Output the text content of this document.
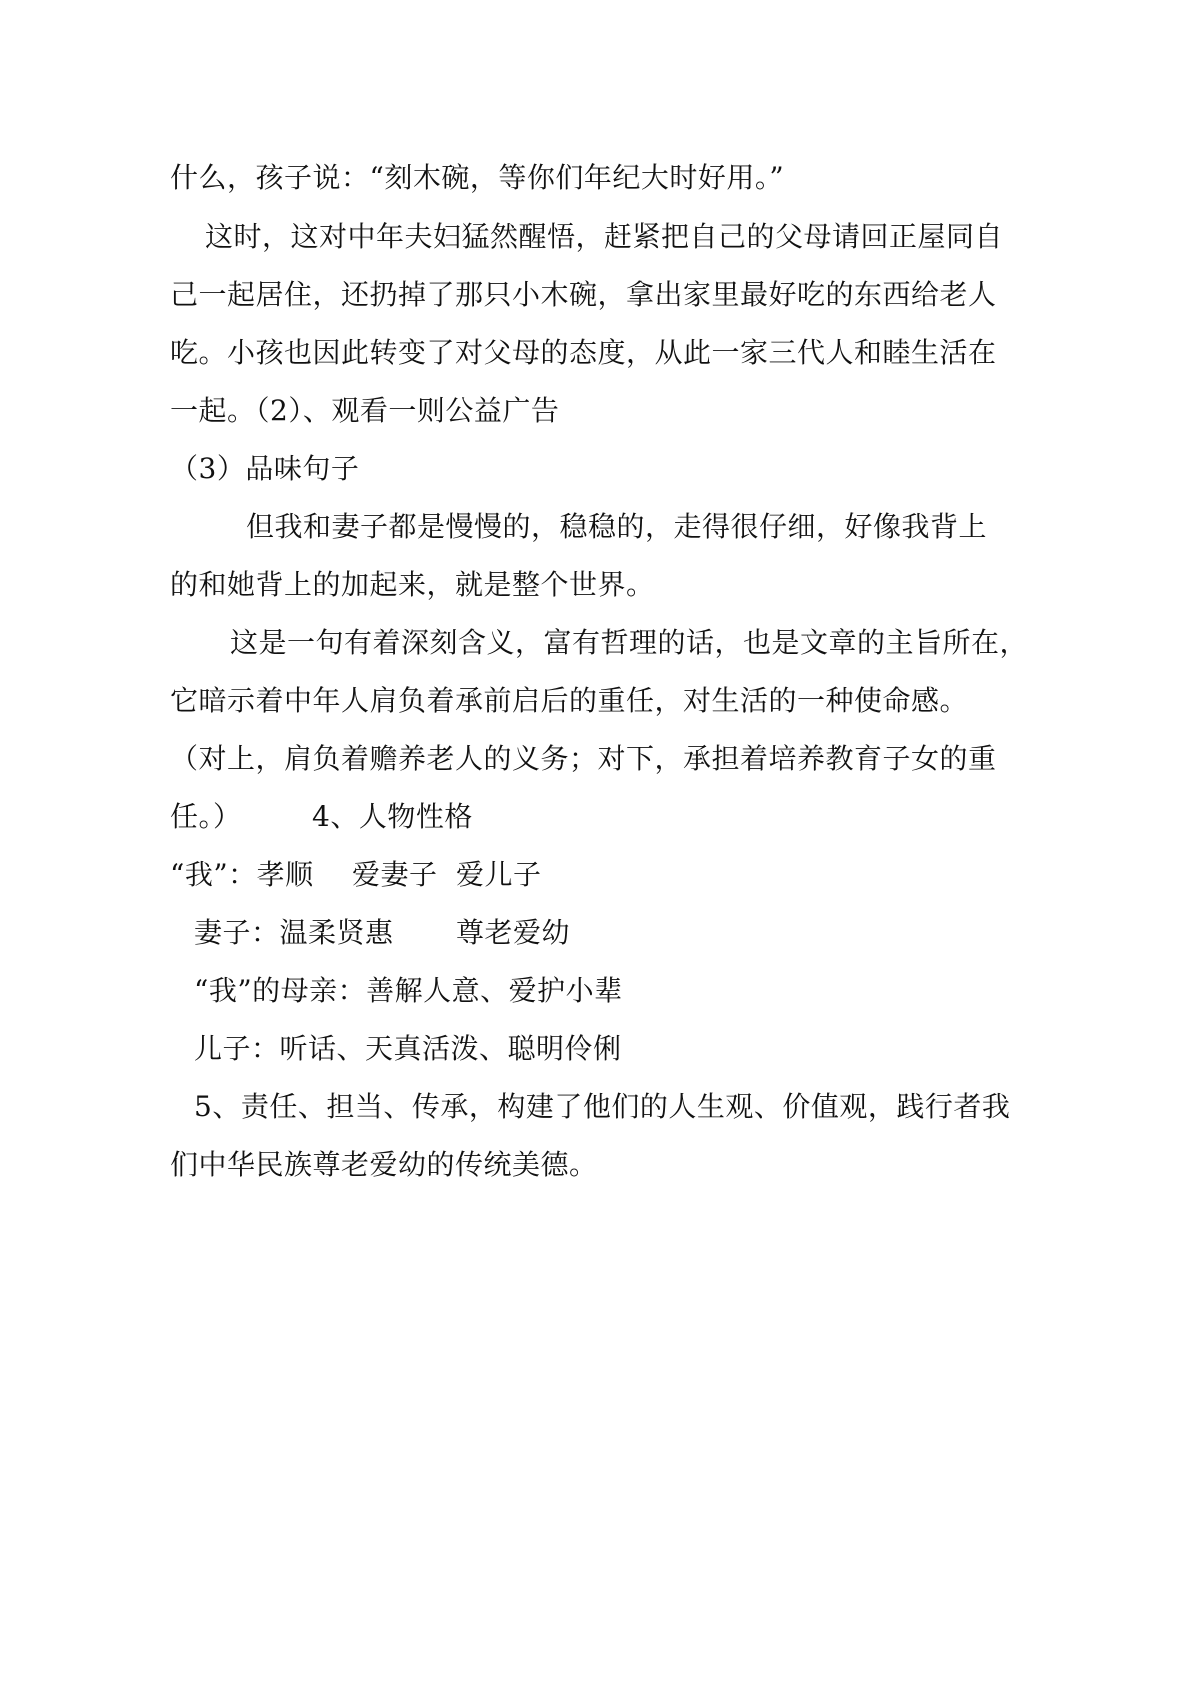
什么，孩子说：“刻木碗，等你们年纪大时好用。”
这时，这对中年夫妇猛然醒悟，赶紧把自己的父母请回正屋同自
己一起居住，还扔掉了那只小木碗，拿出家里最好吃的东西给老人
吃。小孩也因此转变了对父母的态度，从此一家三代人和睦生活在
一起。（2）、观看一则公益广告
（3）品味句子
但我和妻子都是慢慢的，稳稳的，走得很仔细，好像我背上
的和她背上的加起来，就是整个世界。
这是一句有着深刻含义，富有哲理的话，也是文章的主旨所在，
它暗示着中年人肩负着承前启后的重任，对生活的一种使命感。
（对上，肩负着赡养老人的义务；对下，承担着培养教育子女的重
任。）	4、人物性格
“我”：孝顺 爱妻子 爱儿子
妻子：温柔贤惠 尊老爱幼
“我”的母亲：善解人意、爱护小辈
儿子：听话、天真活泼、聪明伶俐
5、责任、担当、传承，构建了他们的人生观、价值观，践行者我
们中华民族尊老爱幼的传统美德。
